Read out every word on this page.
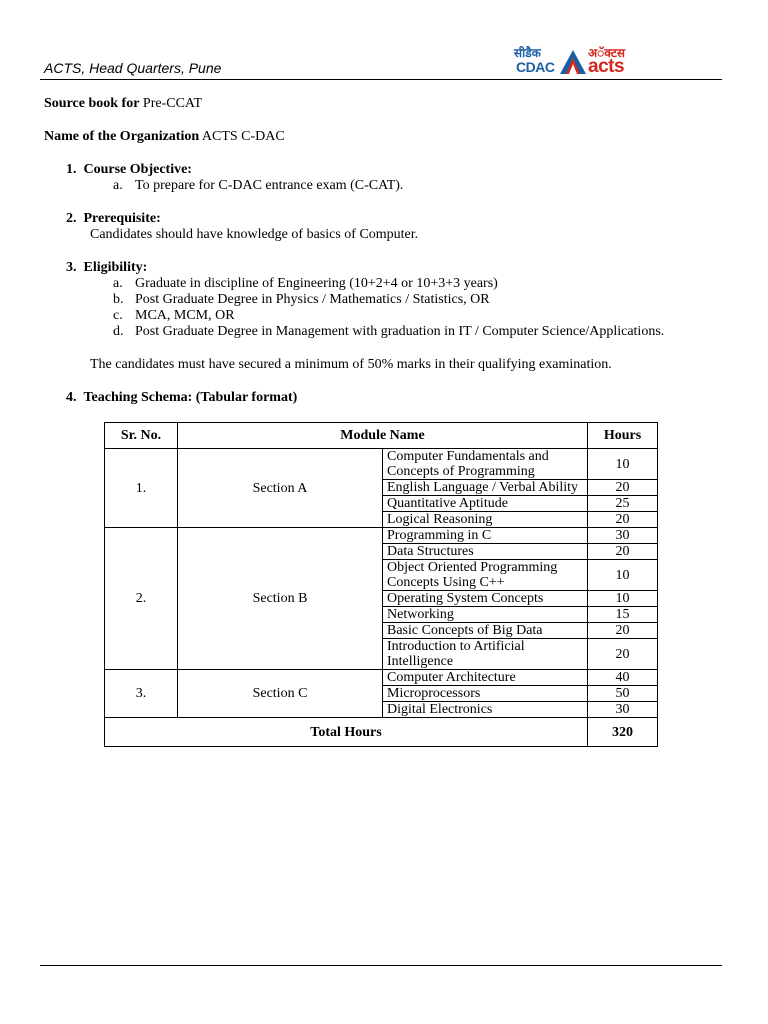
ACTS, Head Quarters, Pune
सीडैक
CDAC
अॅक्टस
acts
Source book for Pre-CCAT
Name of the Organization ACTS C-DAC
1. Course Objective:
a. To prepare for C-DAC entrance exam (C-CAT).
2. Prerequisite:
Candidates should have knowledge of basics of Computer.
3. Eligibility:
a. Graduate in discipline of Engineering (10+2+4 or 10+3+3 years)
b. Post Graduate Degree in Physics / Mathematics / Statistics, OR
c. MCA, MCM, OR
d. Post Graduate Degree in Management with graduation in IT / Computer Science/Applications.
The candidates must have secured a minimum of 50% marks in their qualifying examination.
4. Teaching Schema: (Tabular format)
Sr. No.	Module Name		Hours
1.	Section A	Computer Fundamentals and Concepts of Programming	10
		English Language / Verbal Ability	20
		Quantitative Aptitude	25
		Logical Reasoning	20
2.	Section B	Programming in C	30
		Data Structures	20
		Object Oriented Programming Concepts Using C++	10
		Operating System Concepts	10
		Networking	15
		Basic Concepts of Big Data	20
		Introduction to Artificial Intelligence	20
3.	Section C	Computer Architecture	40
		Microprocessors	50
		Digital Electronics	30
Total Hours			320
